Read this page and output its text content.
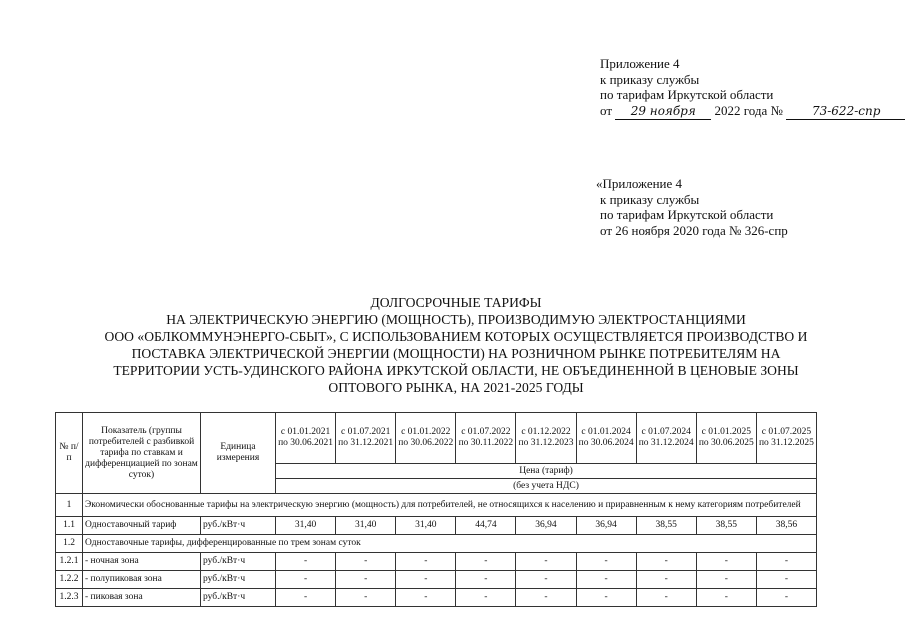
Приложение 4
к приказу службы
по тарифам Иркутской области
от 29 ноября 2022 года № 73-622-спр
«Приложение 4
к приказу службы
по тарифам Иркутской области
от 26 ноября 2020 года № 326-спр
ДОЛГОСРОЧНЫЕ ТАРИФЫ
НА ЭЛЕКТРИЧЕСКУЮ ЭНЕРГИЮ (МОЩНОСТЬ), ПРОИЗВОДИМУЮ ЭЛЕКТРОСТАНЦИЯМИ
ООО «ОБЛКОММУНЭНЕРГО-СБЫТ», С ИСПОЛЬЗОВАНИЕМ КОТОРЫХ ОСУЩЕСТВЛЯЕТСЯ ПРОИЗВОДСТВО И
ПОСТАВКА ЭЛЕКТРИЧЕСКОЙ ЭНЕРГИИ (МОЩНОСТИ) НА РОЗНИЧНОМ РЫНКЕ ПОТРЕБИТЕЛЯМ НА
ТЕРРИТОРИИ УСТЬ-УДИНСКОГО РАЙОНА ИРКУТСКОЙ ОБЛАСТИ, НЕ ОБЪЕДИНЕННОЙ В ЦЕНОВЫЕ ЗОНЫ
ОПТОВОГО РЫНКА, НА 2021-2025 ГОДЫ
№ п/п	Показатель (группы потребителей с разбивкой тарифа по ставкам и дифференциацией по зонам суток)	Единица измерения	с 01.01.2021 по 30.06.2021	с 01.07.2021 по 31.12.2021	с 01.01.2022 по 30.06.2022	с 01.07.2022 по 30.11.2022	с 01.12.2022 по 31.12.2023	с 01.01.2024 по 30.06.2024	с 01.07.2024 по 31.12.2024	с 01.01.2025 по 30.06.2025	с 01.07.2025 по 31.12.2025
			Цена (тариф)								
			(без учета НДС)								
1	Экономически обоснованные тарифы на электрическую энергию (мощность) для потребителей, не относящихся к населению и приравненным к нему категориям потребителей										
1.1	Одноставочный тариф	руб./кВт·ч	31,40	31,40	31,40	44,74	36,94	36,94	38,55	38,55	38,56
1.2	Одноставочные тарифы, дифференцированные по трем зонам суток										
1.2.1	- ночная зона	руб./кВт·ч	-	-	-	-	-	-	-	-	-
1.2.2	- полупиковая зона	руб./кВт·ч	-	-	-	-	-	-	-	-	-
1.2.3	- пиковая зона	руб./кВт·ч	-	-	-	-	-	-	-	-	-
